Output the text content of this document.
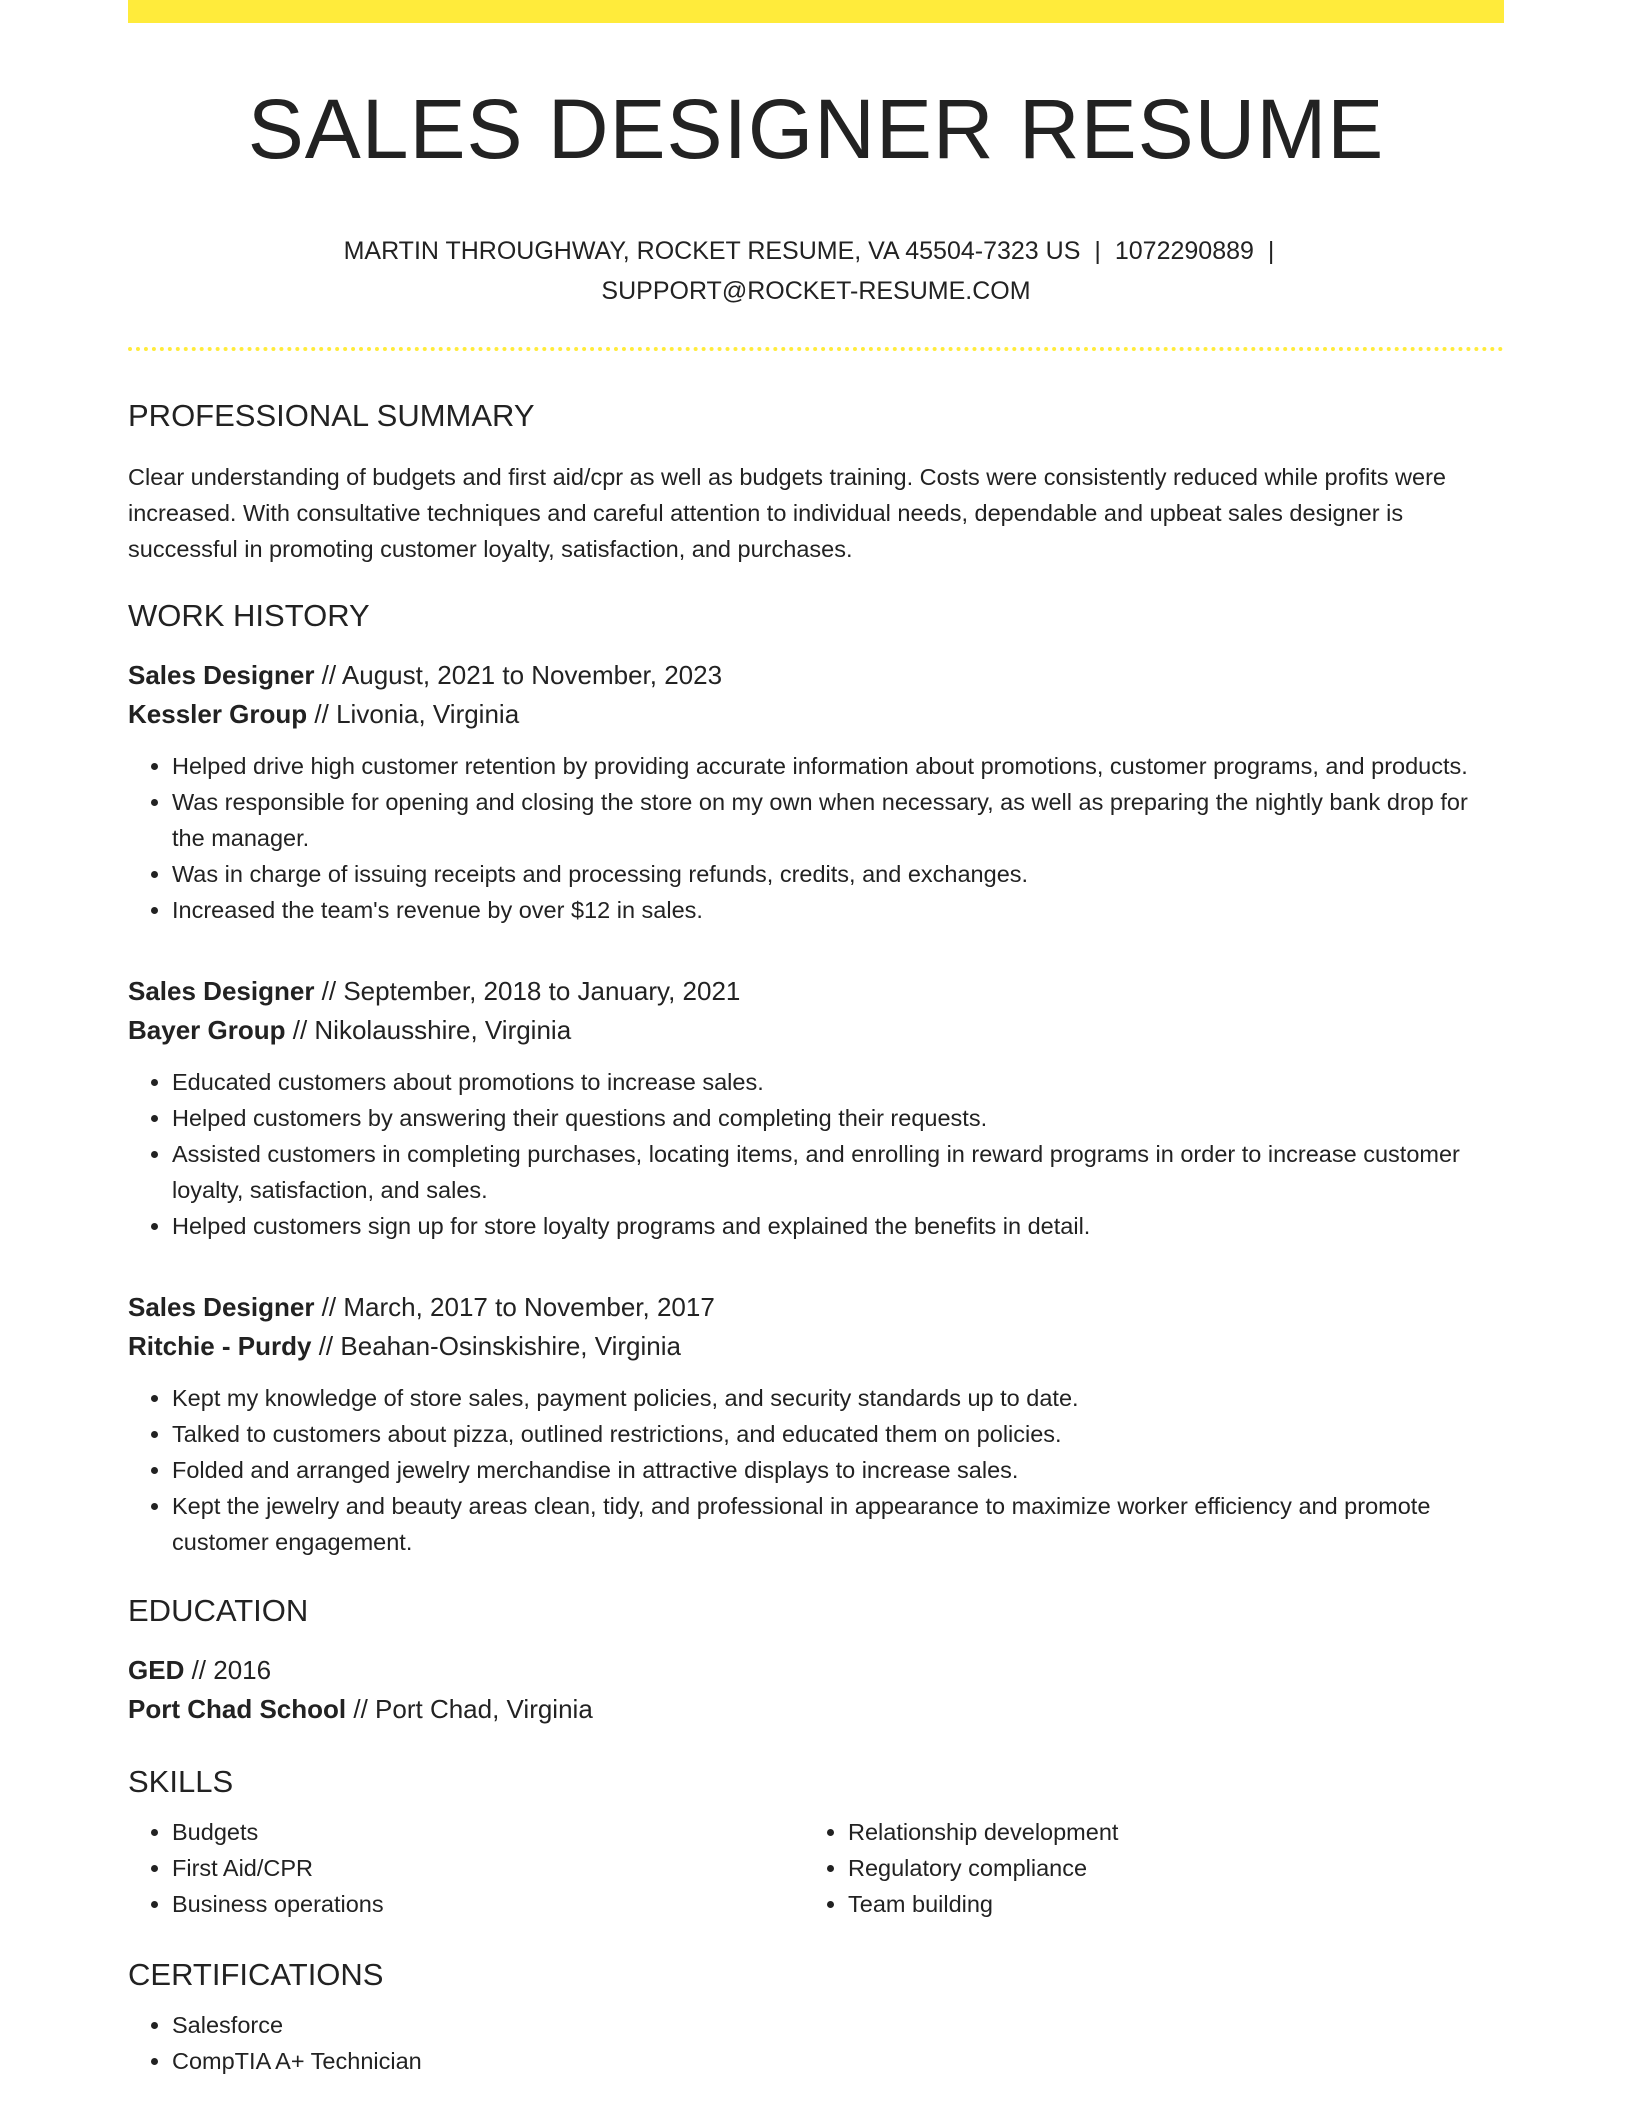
SALES DESIGNER RESUME
MARTIN THROUGHWAY, ROCKET RESUME, VA 45504-7323 US | 1072290889 |
SUPPORT@ROCKET-RESUME.COM
PROFESSIONAL SUMMARY

Clear understanding of budgets and first aid/cpr as well as budgets training. Costs were consistently reduced while profits were increased. With consultative techniques and careful attention to individual needs, dependable and upbeat sales designer is successful in promoting customer loyalty, satisfaction, and purchases.

WORK HISTORY
Sales Designer // August, 2021 to November, 2023
Kessler Group // Livonia, Virginia
• Helped drive high customer retention by providing accurate information about promotions, customer programs, and products.
• Was responsible for opening and closing the store on my own when necessary, as well as preparing the nightly bank drop for the manager.
• Was in charge of issuing receipts and processing refunds, credits, and exchanges.
• Increased the team's revenue by over $12 in sales.
Sales Designer // September, 2018 to January, 2021
Bayer Group // Nikolausshire, Virginia
• Educated customers about promotions to increase sales.
• Helped customers by answering their questions and completing their requests.
• Assisted customers in completing purchases, locating items, and enrolling in reward programs in order to increase customer loyalty, satisfaction, and sales.
• Helped customers sign up for store loyalty programs and explained the benefits in detail.
Sales Designer // March, 2017 to November, 2017
Ritchie - Purdy // Beahan-Osinskishire, Virginia
• Kept my knowledge of store sales, payment policies, and security standards up to date.
• Talked to customers about pizza, outlined restrictions, and educated them on policies.
• Folded and arranged jewelry merchandise in attractive displays to increase sales.
• Kept the jewelry and beauty areas clean, tidy, and professional in appearance to maximize worker efficiency and promote customer engagement.
EDUCATION
GED // 2016
Port Chad School // Port Chad, Virginia
SKILLS
• Budgets
• First Aid/CPR
• Business operations
• Relationship development
• Regulatory compliance
• Team building
CERTIFICATIONS
• Salesforce
• CompTIA A+ Technician
